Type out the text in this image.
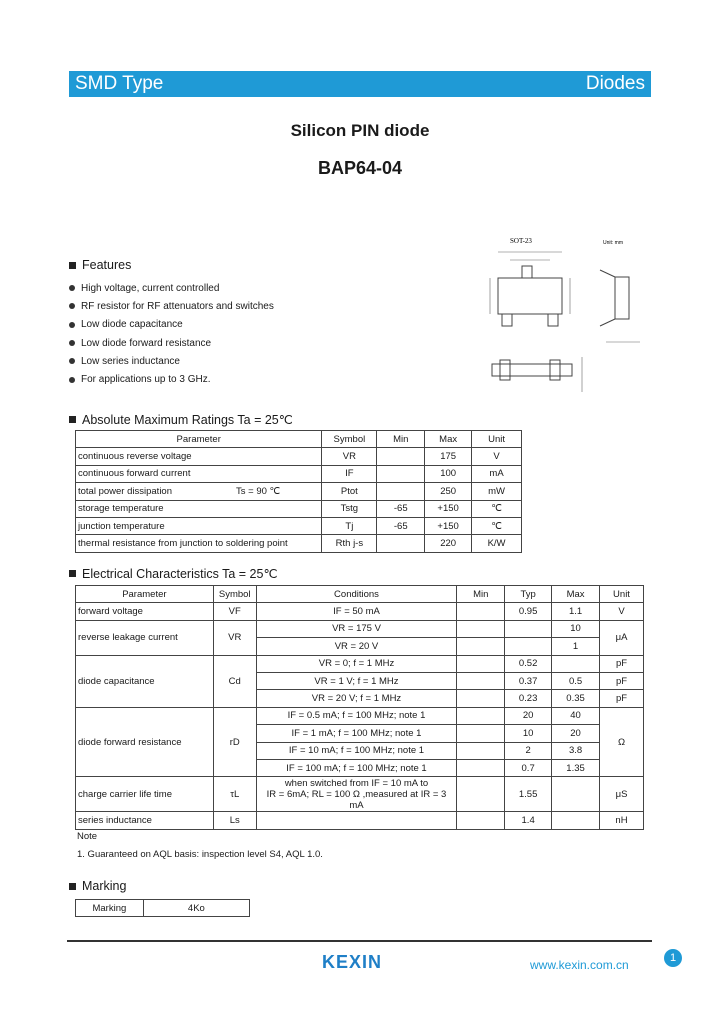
SMD Type	Diodes
Silicon PIN diode
BAP64-04
Features
High voltage, current controlled
RF resistor for RF attenuators and switches
Low diode capacitance
Low diode forward resistance
Low series inductance
For applications up to 3 GHz.
SOT-23	Unit: mm
Absolute Maximum Ratings Ta = 25℃
Parameter	Symbol	Min	Max	Unit
continuous reverse voltage	VR		175	V
continuous forward current	IF		100	mA
total power dissipation Ts = 90 ℃	Ptot		250	mW
storage temperature	Tstg	-65	+150	℃
junction temperature	Tj	-65	+150	℃
thermal resistance from junction to soldering point	Rth j-s		220	K/W
Electrical Characteristics Ta = 25℃
Parameter	Symbol	Conditions	Min	Typ	Max	Unit
forward voltage	VF	IF = 50 mA		0.95	1.1	V
reverse leakage current	VR	VR = 175 V			10	μA
		VR = 20 V			1	
diode capacitance	Cd	VR = 0; f = 1 MHz		0.52		pF
		VR = 1 V; f = 1 MHz		0.37	0.5	pF
		VR = 20 V; f = 1 MHz		0.23	0.35	pF
diode forward resistance	rD	IF = 0.5 mA; f = 100 MHz; note 1		20	40	Ω
		IF = 1 mA; f = 100 MHz; note 1		10	20	
		IF = 10 mA; f = 100 MHz; note 1		2	3.8	
		IF = 100 mA; f = 100 MHz; note 1		0.7	1.35	
charge carrier life time	τL	when switched from IF = 10 mA to
IR = 6mA; RL = 100 Ω ,measured at IR = 3 mA		1.55		μS
series inductance	Ls			1.4		nH
Note
1. Guaranteed on AQL basis: inspection level S4, AQL 1.0.
Marking
Marking	4Ko
KEXIN	www.kexin.com.cn	1
